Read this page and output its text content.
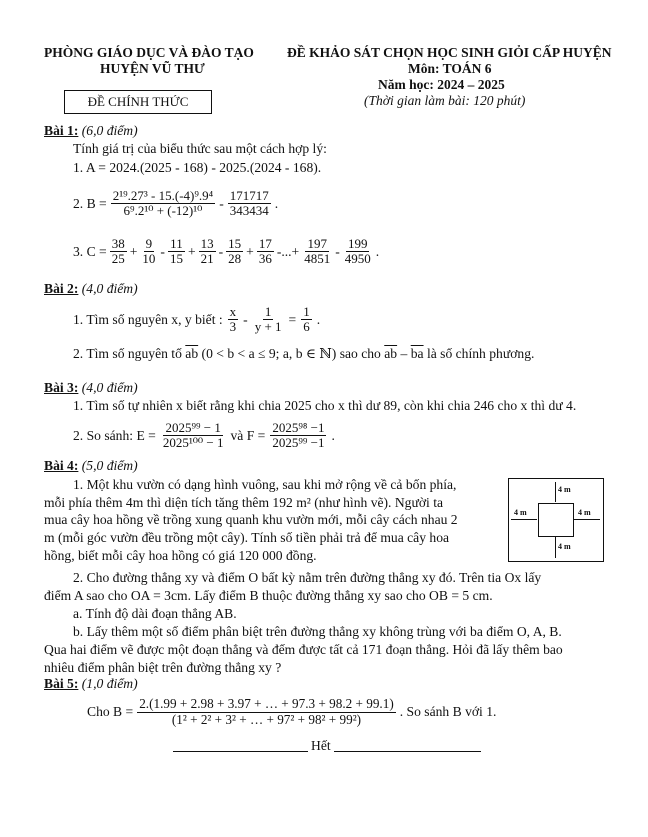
PHÒNG GIÁO DỤC VÀ ĐÀO TẠO
HUYỆN VŨ THƯ
ĐỀ CHÍNH THỨC
ĐỀ KHẢO SÁT CHỌN HỌC SINH GIỎI CẤP HUYỆN
Môn: TOÁN 6
Năm học: 2024 – 2025
(Thời gian làm bài: 120 phút)
Bài 1: (6,0 điểm)
Tính giá trị của biểu thức sau một cách hợp lý:
1. A = 2024.(2025 - 168) - 2025.(2024 - 168).
2. $B = \frac{\text{2¹⁹.27³ - 15.(-4)⁹.9⁴}}{\text{6⁹.2¹⁰ + (-12)¹⁰}} - \frac{171717}{343434}$ .
3. $C = \frac{38}{25} + \frac{9}{10} - \frac{11}{15} + \frac{13}{21} - \frac{15}{28} + \frac{17}{36}$ -...+ $\frac{197}{4851} - \frac{199}{4950}$ .
Bài 2: (4,0 điểm)
1. Tìm số nguyên x, y biết : $\frac{x}{3} - \frac{1}{y + 1} = \frac{1}{6}$ .
2. Tìm số nguyên tố $\overline{ab}$ (0 < b < a ≤ 9; a, b ∈ ℕ) sao cho $\overline{ab} - \overline{ba}$ là số chính phương.
Bài 3: (4,0 điểm)
1. Tìm số tự nhiên x biết rằng khi chia 2025 cho x thì dư 89, còn khi chia 246 cho x thì dư 4.
2. So sánh: $E = \frac{\text{2025⁹⁹ − 1}}{\text{2025¹⁰⁰ − 1}}$ và $F = \frac{\text{2025⁹⁸ −1}}{\text{2025⁹⁹ −1}}$ .
Bài 4: (5,0 điểm)
1. Một khu vườn có dạng hình vuông, sau khi mở rộng về cả bốn phía,
mỗi phía thêm 4m thì diện tích tăng thêm 192 m² (như hình vẽ). Người ta
mua cây hoa hồng về trồng xung quanh khu vườn mới, mỗi cây cách nhau 2
m (mỗi góc vườn đều trồng một cây). Tính số tiền phải trả để mua cây hoa
hồng, biết mỗi cây hoa hồng có giá 120 000 đồng.
4 m
4 m	4 m
4 m
2. Cho đường thẳng xy và điểm O bất kỳ nằm trên đường thẳng xy đó. Trên tia Ox lấy
điểm A sao cho OA = 3cm. Lấy điểm B thuộc đường thẳng xy sao cho OB = 5 cm.
a. Tính độ dài đoạn thẳng AB.
b. Lấy thêm một số điểm phân biệt trên đường thẳng xy không trùng với ba điểm O, A, B.
Qua hai điểm vẽ được một đoạn thẳng và đếm được tất cả 171 đoạn thẳng. Hỏi đã lấy thêm bao
nhiêu điểm phân biệt trên đường thẳng xy ?
Bài 5: (1,0 điểm)
Cho $B = \frac{2.(1.99 + 2.98 + 3.97 + \dots + 97.3 + 98.2 + 99.1)}{\text{(1² + 2² + 3² + … + 97² + 98² + 99²)}}$ . So sánh B với 1.
Hết
